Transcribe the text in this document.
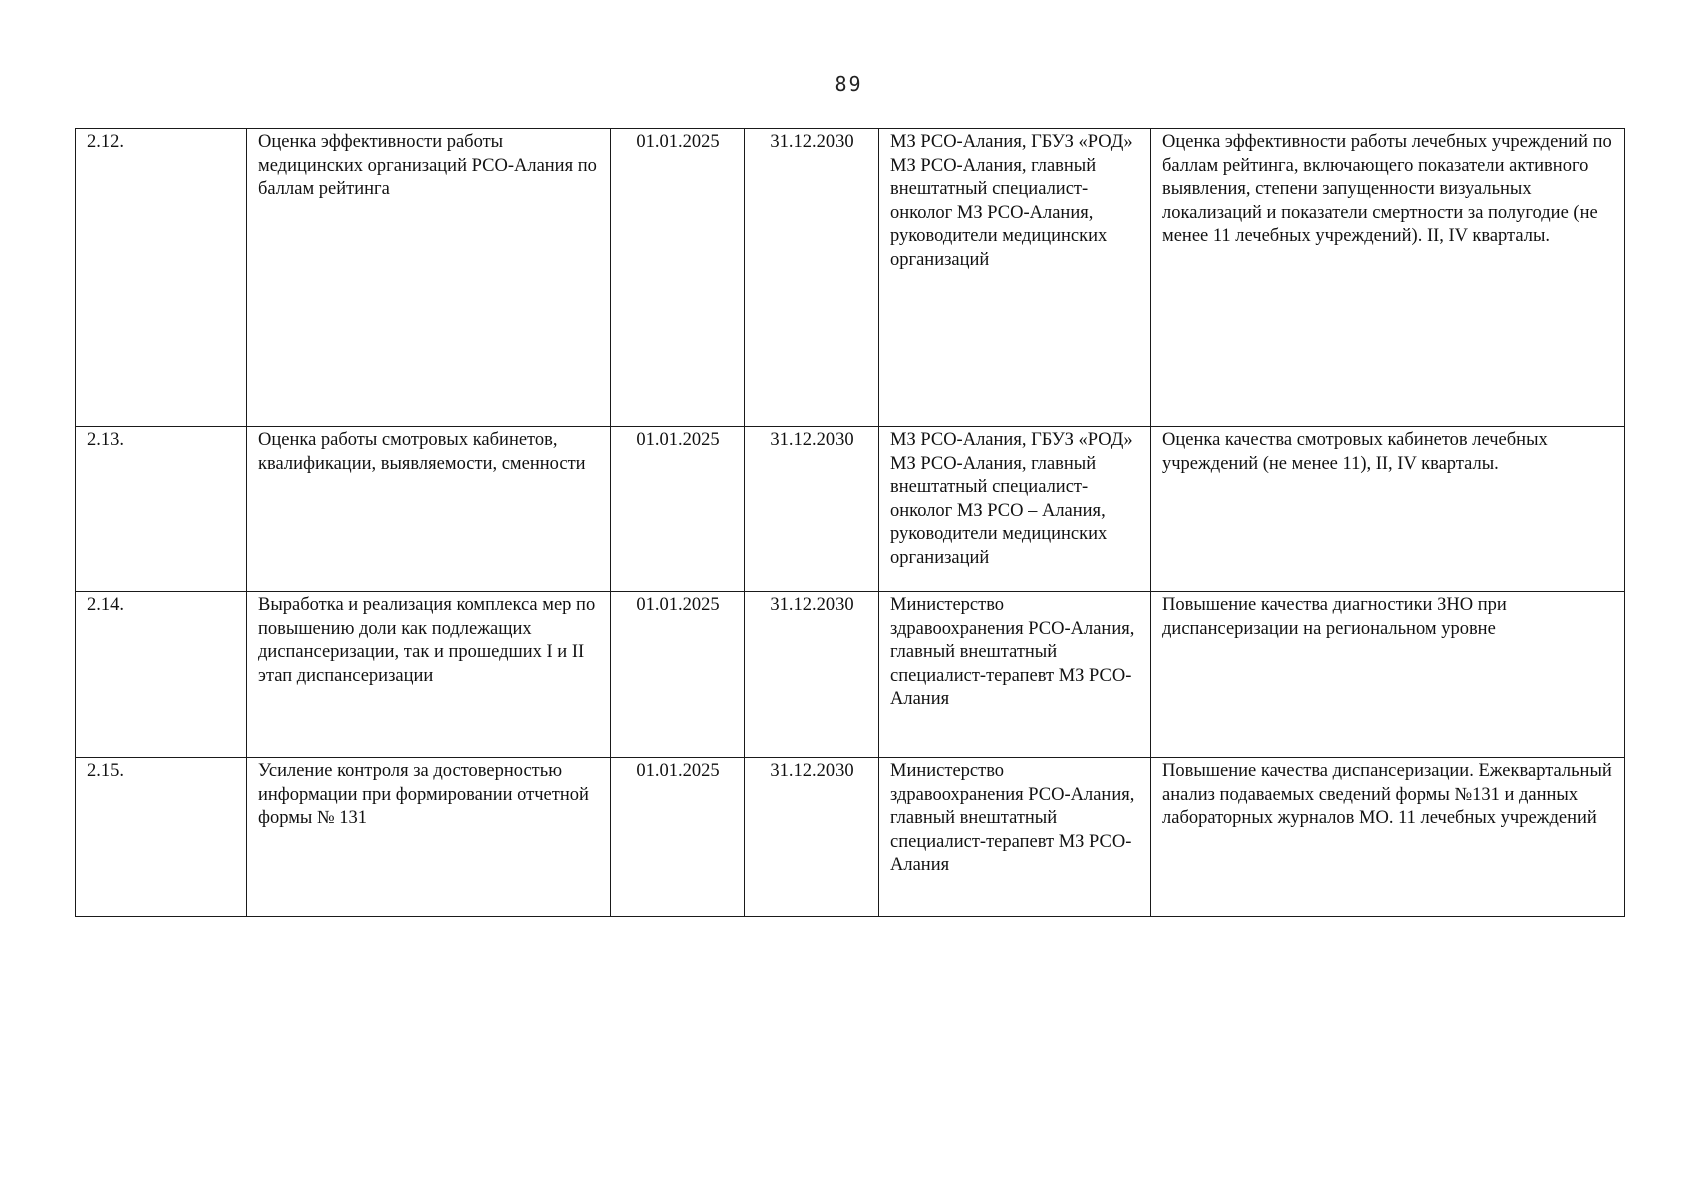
89
2.12.	Оценка эффективности работы медицинских организаций РСО-Алания по баллам рейтинга	01.01.2025	31.12.2030	МЗ РСО-Алания, ГБУЗ «РОД» МЗ РСО-Алания, главный внештатный специалист-онколог МЗ РСО-Алания, руководители медицинских организаций	Оценка эффективности работы лечебных учреждений по баллам рейтинга, включающего показатели активного выявления, степени запущенности визуальных локализаций и показатели смертности за полугодие (не менее 11 лечебных учреждений). II, IV кварталы.
2.13.	Оценка работы смотровых кабинетов, квалификации, выявляемости, сменности	01.01.2025	31.12.2030	МЗ РСО-Алания, ГБУЗ «РОД» МЗ РСО-Алания, главный внештатный специалист-онколог МЗ РСО – Алания, руководители медицинских организаций	Оценка качества смотровых кабинетов лечебных учреждений (не менее 11), II, IV кварталы.
2.14.	Выработка и реализация комплекса мер по повышению доли как подлежащих диспансеризации, так и прошедших I и II этап диспансеризации	01.01.2025	31.12.2030	Министерство здравоохранения РСО-Алания, главный внештатный специалист-терапевт МЗ РСО-Алания	Повышение качества диагностики ЗНО при диспансеризации на региональном уровне
2.15.	Усиление контроля за достоверностью информации при формировании отчетной формы № 131	01.01.2025	31.12.2030	Министерство здравоохранения РСО-Алания, главный внештатный специалист-терапевт МЗ РСО-Алания	Повышение качества диспансеризации. Ежеквартальный анализ подаваемых сведений формы №131 и данных лабораторных журналов МО. 11 лечебных учреждений
